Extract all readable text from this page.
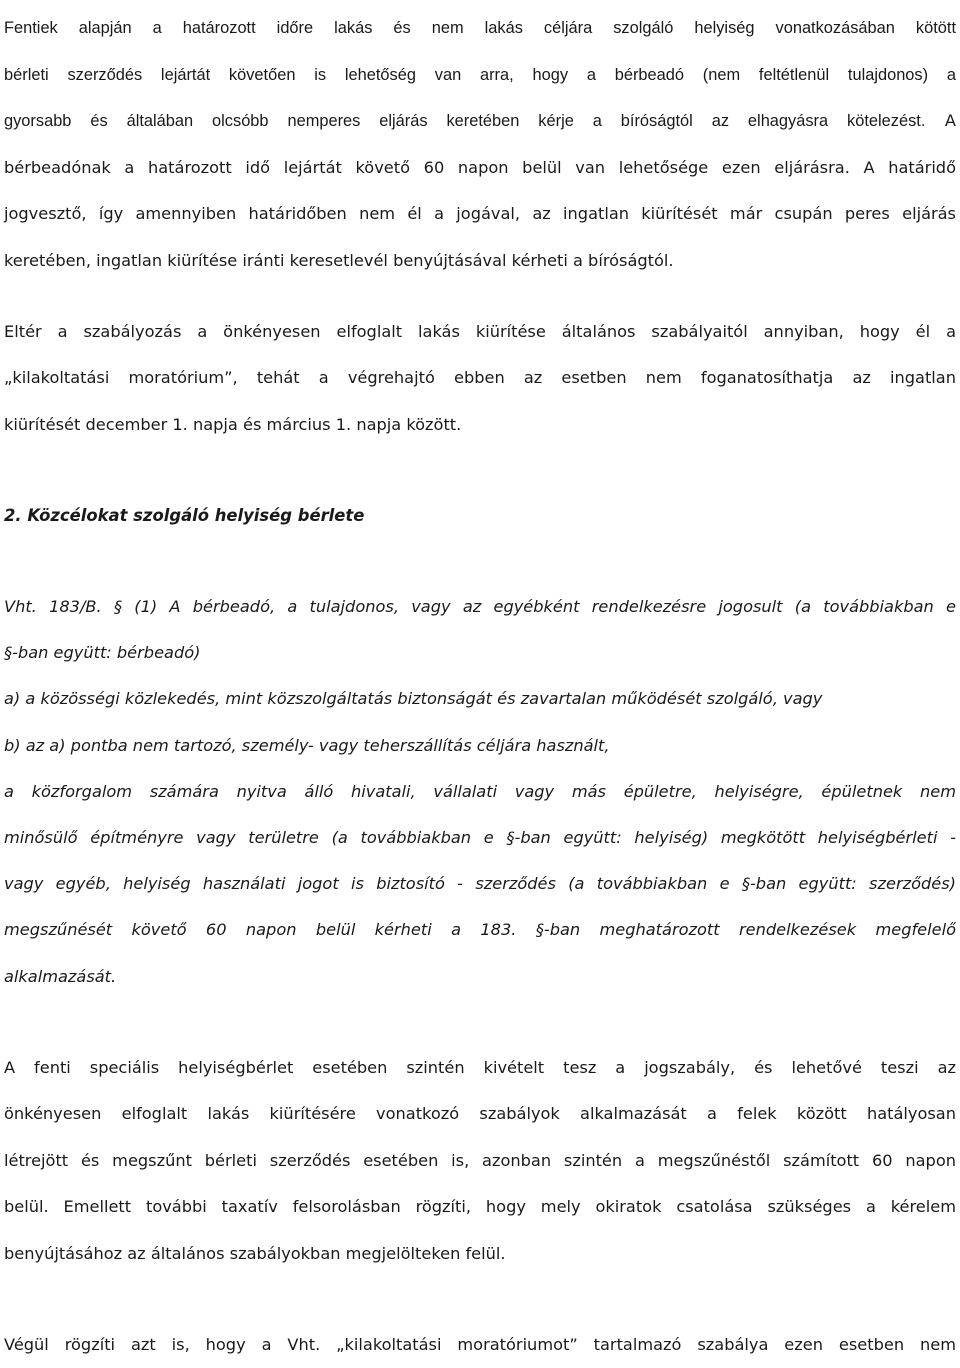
Fentiek alapján a határozott időre lakás és nem lakás céljára szolgáló helyiség vonatkozásában kötött
bérleti szerződés lejártát követően is lehetőség van arra, hogy a bérbeadó (nem feltétlenül tulajdonos) a
gyorsabb és általában olcsóbb nemperes eljárás keretében kérje a bíróságtól az elhagyásra kötelezést. A
bérbeadónak a határozott idő lejártát követő 60 napon belül van lehetősége ezen eljárásra. A határidő
jogvesztő, így amennyiben határidőben nem él a jogával, az ingatlan kiürítését már csupán peres eljárás
keretében, ingatlan kiürítése iránti keresetlevél benyújtásával kérheti a bíróságtól.

Eltér a szabályozás a önkényesen elfoglalt lakás kiürítése általános szabályaitól annyiban, hogy él a
„kilakoltatási moratórium”, tehát a végrehajtó ebben az esetben nem foganatosíthatja az ingatlan
kiürítését december 1. napja és március 1. napja között.

2. Közcélokat szolgáló helyiség bérlete

Vht. 183/B. § (1) A bérbeadó, a tulajdonos, vagy az egyébként rendelkezésre jogosult (a továbbiakban e
§-ban együtt: bérbeadó)
a) a közösségi közlekedés, mint közszolgáltatás biztonságát és zavartalan működését szolgáló, vagy
b) az a) pontba nem tartozó, személy- vagy teherszállítás céljára használt,
a közforgalom számára nyitva álló hivatali, vállalati vagy más épületre, helyiségre, épületnek nem
minősülő építményre vagy területre (a továbbiakban e §-ban együtt: helyiség) megkötött helyiségbérleti -
vagy egyéb, helyiség használati jogot is biztosító - szerződés (a továbbiakban e §-ban együtt: szerződés)
megszűnését követő 60 napon belül kérheti a 183. §-ban meghatározott rendelkezések megfelelő
alkalmazását.

A fenti speciális helyiségbérlet esetében szintén kivételt tesz a jogszabály, és lehetővé teszi az
önkényesen elfoglalt lakás kiürítésére vonatkozó szabályok alkalmazását a felek között hatályosan
létrejött és megszűnt bérleti szerződés esetében is, azonban szintén a megszűnéstől számított 60 napon
belül. Emellett további taxatív felsorolásban rögzíti, hogy mely okiratok csatolása szükséges a kérelem
benyújtásához az általános szabályokban megjelölteken felül.

Végül rögzíti azt is, hogy a Vht. „kilakoltatási moratóriumot” tartalmazó szabálya ezen esetben nem
